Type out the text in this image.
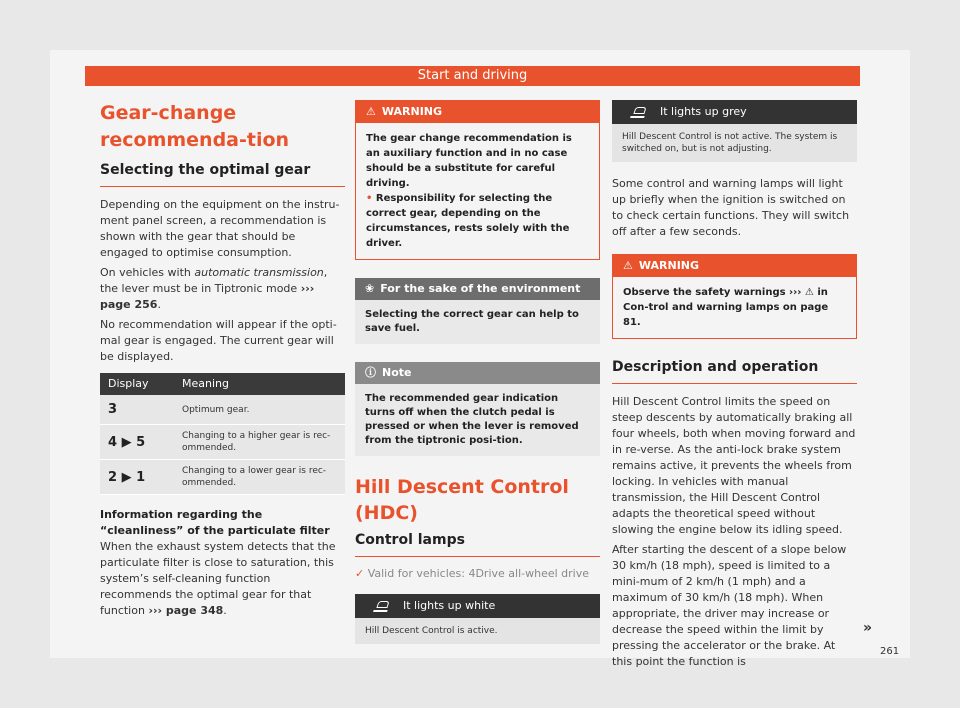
Start and driving
Gear-change recommenda-tion
Selecting the optimal gear
Depending on the equipment on the instru-ment panel screen, a recommendation is shown with the gear that should be engaged to optimise consumption.
On vehicles with automatic transmission, the lever must be in Tiptronic mode ››› page 256.
No recommendation will appear if the opti-mal gear is engaged. The current gear will be displayed.
Display	Meaning
3	Optimum gear.
4 ▶ 5	Changing to a higher gear is rec-ommended.
2 ▶ 1	Changing to a lower gear is rec-ommended.
Information regarding the “cleanliness” of the particulate filter
When the exhaust system detects that the particulate filter is close to saturation, this system’s self-cleaning function recommends the optimal gear for that function ››› page 348.
⚠ WARNING
The gear change recommendation is an auxiliary function and in no case should be a substitute for careful driving.
• Responsibility for selecting the correct gear, depending on the circumstances, rests solely with the driver.
❀ For the sake of the environment
Selecting the correct gear can help to save fuel.
ⓘ Note
The recommended gear indication turns off when the clutch pedal is pressed or when the lever is removed from the tiptronic posi-tion.
Hill Descent Control (HDC)
Control lamps
✓ Valid for vehicles: 4Drive all-wheel drive
It lights up white
Hill Descent Control is active.
It lights up grey
Hill Descent Control is not active. The system is switched on, but is not adjusting.
Some control and warning lamps will light up briefly when the ignition is switched on to check certain functions. They will switch off after a few seconds.
⚠ WARNING
Observe the safety warnings ››› ⚠ in Con-trol and warning lamps on page 81.
Description and operation
Hill Descent Control limits the speed on steep descents by automatically braking all four wheels, both when moving forward and in re-verse. As the anti-lock brake system remains active, it prevents the wheels from locking. In vehicles with manual transmission, the Hill Descent Control adapts the theoretical speed without slowing the engine below its idling speed.
After starting the descent of a slope below 30 km/h (18 mph), speed is limited to a mini-mum of 2 km/h (1 mph) and a maximum of 30 km/h (18 mph). When appropriate, the driver may increase or decrease the speed within the limit by pressing the accelerator or the brake. At this point the function is
»
261
